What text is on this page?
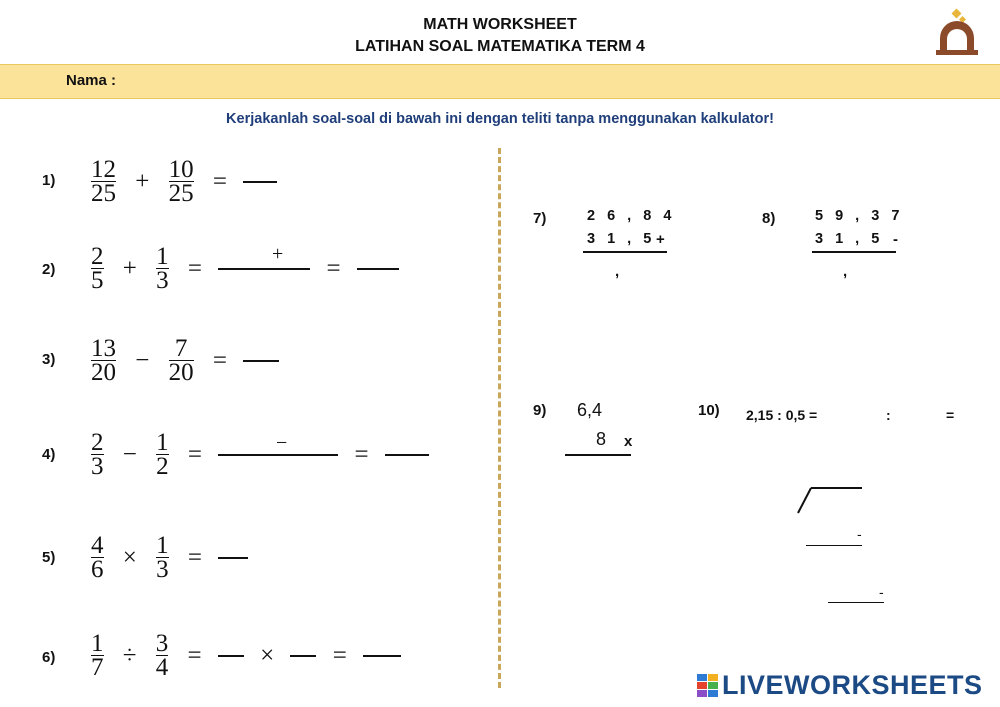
MATH WORKSHEET
LATIHAN SOAL MATEMATIKA TERM 4
Nama :
Kerjakanlah soal-soal di bawah ini dengan teliti tanpa menggunakan kalkulator!
$1) \frac{12}{25} + \frac{10}{25}$ =
$2) \frac{2}{5} + \frac{1}{3}$ =	=
+
$3) \frac{13}{20} - \frac{7}{20}$ =
$4) \frac{2}{3} - \frac{1}{2}$ =	=
−
$5) \frac{4}{6} \times \frac{1}{3}$ =
$6) \frac{1}{7} \div \frac{3}{4}$ = × =
7)	2 6 , 8 4
3 1 , 5 +
,
8)	5 9 , 3 7
3 1 , 5 -
,
9) 6,4
8 x
10) 2,15 : 0,5 =	:	=
-
-
LIVEWORKSHEETS
